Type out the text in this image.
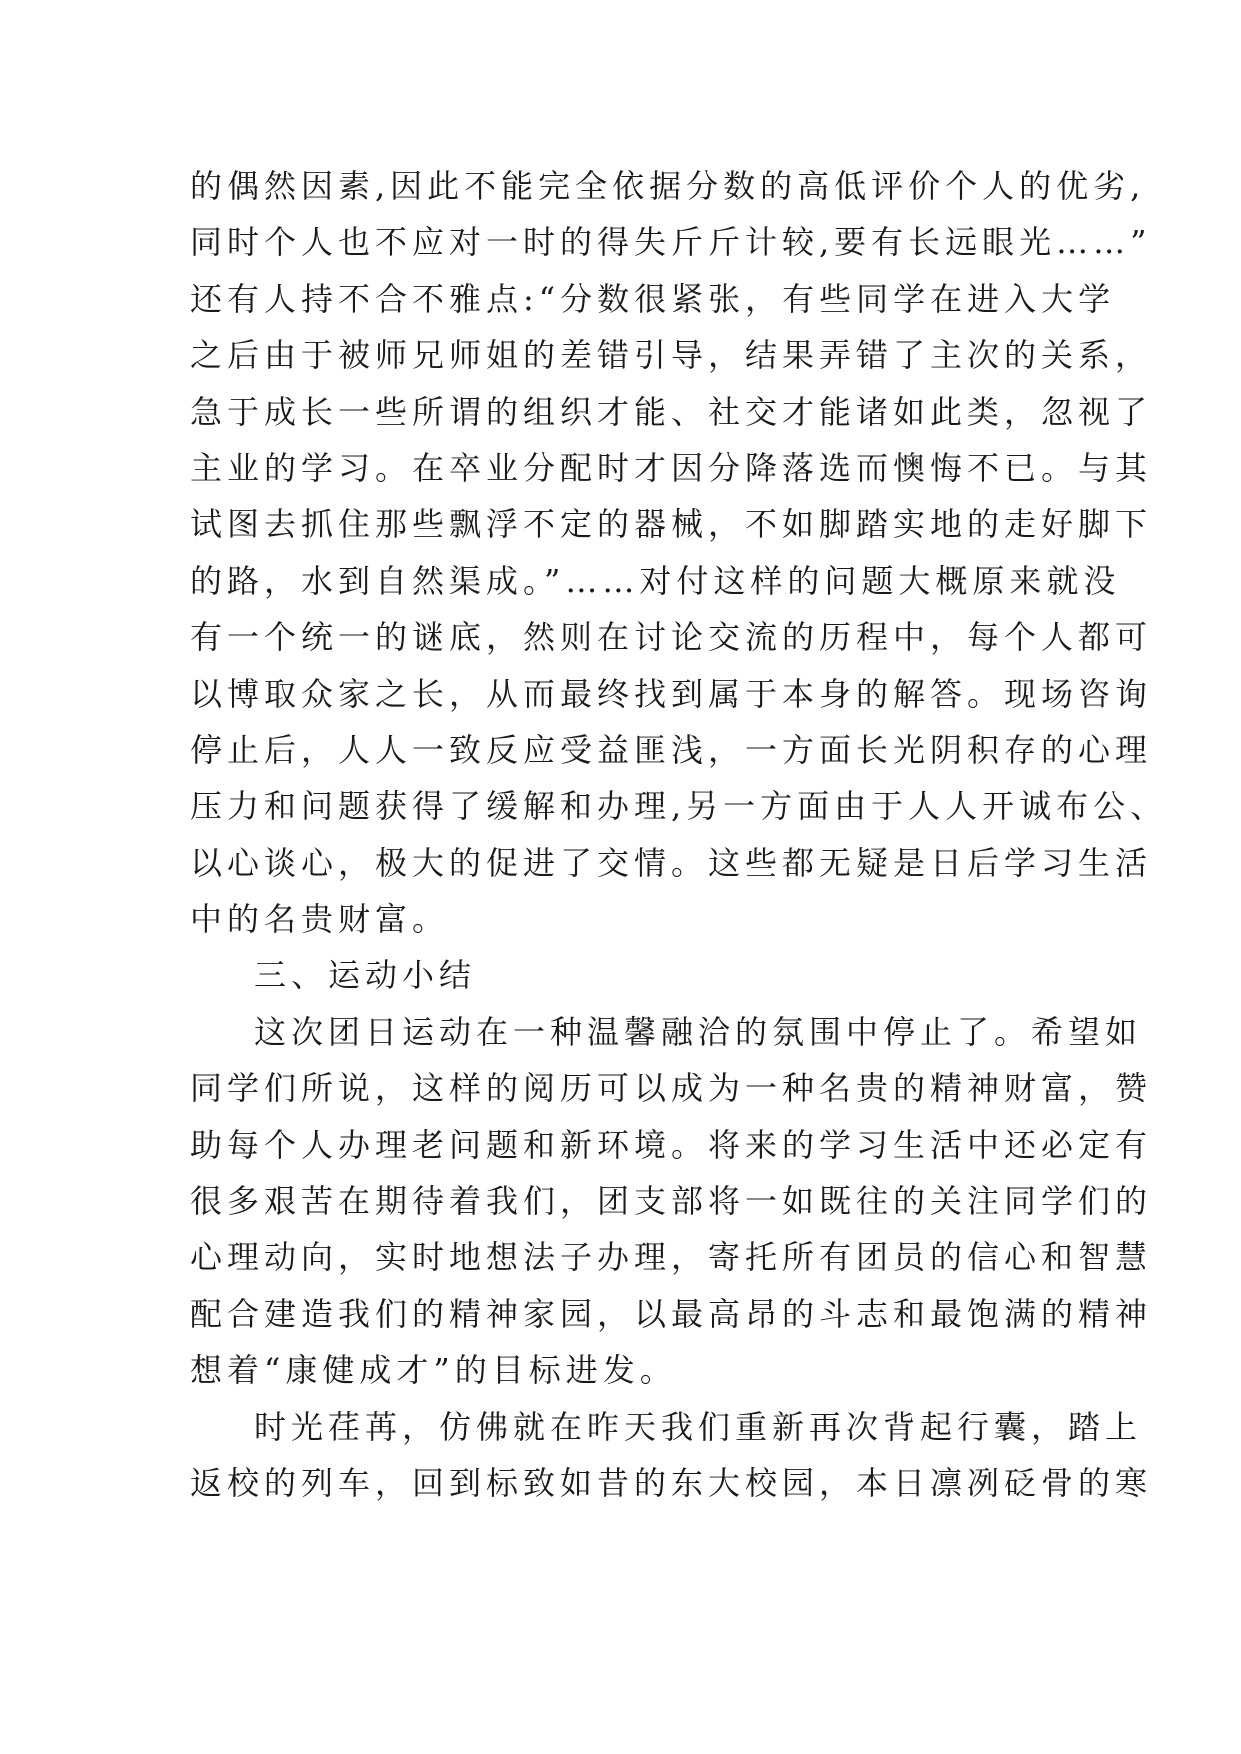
的偶然因素,因此不能完全依据分数的高低评价个人的优劣,
同时个人也不应对一时的得失斤斤计较,要有长远眼光……”
还有人持不合不雅点:“分数很紧张，有些同学在进入大学
之后由于被师兄师姐的差错引导，结果弄错了主次的关系，
急于成长一些所谓的组织才能、社交才能诸如此类，忽视了
主业的学习。在卒业分配时才因分降落选而懊悔不已。与其
试图去抓住那些飘浮不定的器械，不如脚踏实地的走好脚下
的路，水到自然渠成。”……对付这样的问题大概原来就没
有一个统一的谜底，然则在讨论交流的历程中，每个人都可
以博取众家之长，从而最终找到属于本身的解答。现场咨询
停止后，人人一致反应受益匪浅，一方面长光阴积存的心理
压力和问题获得了缓解和办理,另一方面由于人人开诚布公、
以心谈心，极大的促进了交情。这些都无疑是日后学习生活
中的名贵财富。
三、运动小结
这次团日运动在一种温馨融洽的氛围中停止了。希望如
同学们所说，这样的阅历可以成为一种名贵的精神财富，赞
助每个人办理老问题和新环境。将来的学习生活中还必定有
很多艰苦在期待着我们，团支部将一如既往的关注同学们的
心理动向，实时地想法子办理，寄托所有团员的信心和智慧
配合建造我们的精神家园，以最高昂的斗志和最饱满的精神
想着“康健成才”的目标进发。
时光荏苒，仿佛就在昨天我们重新再次背起行囊，踏上
返校的列车，回到标致如昔的东大校园，本日凛冽砭骨的寒
